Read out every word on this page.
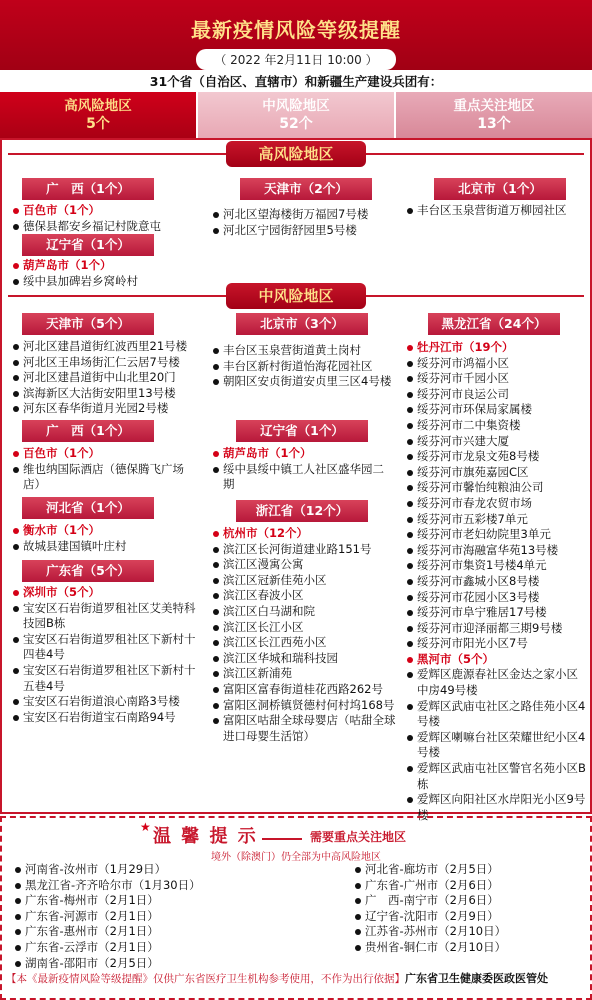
最新疫情风险等级提醒
（ 2022 年2月11日 10:00 ）
31个省（自治区、直辖市）和新疆生产建设兵团有：
高风险地区
5个
中风险地区
52个
重点关注地区
13个
高风险地区
广　西（1个）
百色市（1个）
德保县都安乡福记村陇意屯
天津市（2个）
河北区望海楼街万福园7号楼
河北区宁园街舒园里5号楼
北京市（1个）
丰台区玉泉营街道万柳园社区
辽宁省（1个）
葫芦岛市（1个）
绥中县加碑岩乡窝岭村
中风险地区
天津市（5个）
河北区建昌道街红波西里21号楼
河北区王串场街汇仁云居7号楼
河北区建昌道街中山北里20门
滨海新区大沽街安阳里13号楼
河东区春华街道月光园2号楼
广　西（1个）
百色市（1个）
维也纳国际酒店（德保腾飞广场店）
河北省（1个）
衡水市（1个）
故城县建国镇叶庄村
广东省（5个）
深圳市（5个）
宝安区石岩街道罗租社区艾美特科技园B栋
宝安区石岩街道罗租社区下新村十四巷4号
宝安区石岩街道罗租社区下新村十五巷4号
宝安区石岩街道浪心南路3号楼
宝安区石岩街道宝石南路94号
北京市（3个）
丰台区玉泉营街道黄土岗村
丰台区新村街道怡海花园社区
朝阳区安贞街道安贞里三区4号楼
辽宁省（1个）
葫芦岛市（1个）
绥中县绥中镇工人社区盛华园二期
浙江省（12个）
杭州市（12个）
滨江区长河街道建业路151号
滨江区漫寓公寓
滨江区冠新佳苑小区
滨江区春波小区
滨江区白马湖和院
滨江区长江小区
滨江区长江西苑小区
滨江区华城和瑞科技园
滨江区新浦苑
富阳区富春街道桂花西路262号
富阳区洞桥镇贤德村何村坞168号
富阳区咕甜全球母婴店（咕甜全球进口母婴生活馆）
黑龙江省（24个）
牡丹江市（19个）
绥芬河市鸿福小区
绥芬河市千园小区
绥芬河市良运公司
绥芬河市环保局家属楼
绥芬河市二中集资楼
绥芬河市兴建大厦
绥芬河市龙泉文苑8号楼
绥芬河市旗苑嘉园C区
绥芬河市馨怡纯粮油公司
绥芬河市春龙农贸市场
绥芬河市五彩楼7单元
绥芬河市老妇幼院里3单元
绥芬河市海融富华苑13号楼
绥芬河市集资1号楼4单元
绥芬河市鑫城小区8号楼
绥芬河市花园小区3号楼
绥芬河市阜宁雅居17号楼
绥芬河市迎泽丽都三期9号楼
绥芬河市阳光小区7号
黑河市（5个）
爱辉区鹿源春社区金达之家小区中房49号楼
爱辉区武庙屯社区之路佳苑小区4号楼
爱辉区喇嘛台社区荣耀世纪小区4号楼
爱辉区武庙屯社区警官名苑小区B栋
爱辉区向阳社区水岸阳光小区9号楼
★ 温 馨 提 示	需要重点关注地区
境外（除澳门）仍全部为中高风险地区
河南省-汝州市（1月29日）
黑龙江省-齐齐哈尔市（1月30日）
广东省-梅州市（2月1日）
广东省-河源市（2月1日）
广东省-惠州市（2月1日）
广东省-云浮市（2月1日）
湖南省-邵阳市（2月5日）
河北省-廊坊市（2月5日）
广东省-广州市（2月6日）
广　西-南宁市（2月6日）
辽宁省-沈阳市（2月9日）
江苏省-苏州市（2月10日）
贵州省-铜仁市（2月10日）
【本《最新疫情风险等级提醒》仅供广东省医疗卫生机构参考使用，不作为出行依据】广东省卫生健康委医政医管处
